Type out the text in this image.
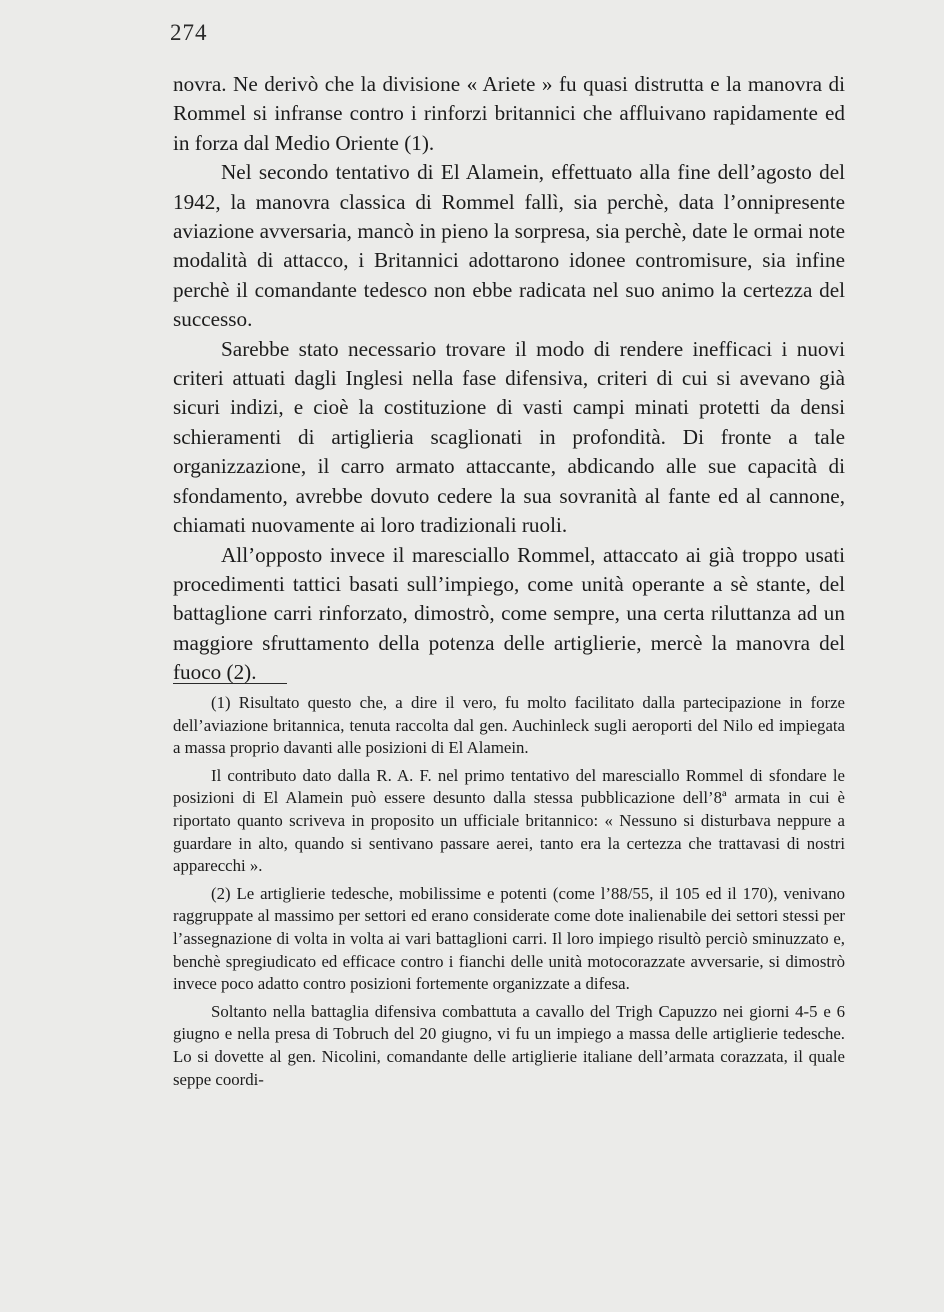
274

novra. Ne derivò che la divisione « Ariete » fu quasi distrutta e la manovra di Rommel si infranse contro i rinforzi britannici che affluivano rapidamente ed in forza dal Medio Oriente (1).

Nel secondo tentativo di El Alamein, effettuato alla fine dell’agosto del 1942, la manovra classica di Rommel fallì, sia perchè, data l’onnipresente aviazione avversaria, mancò in pieno la sorpresa, sia perchè, date le ormai note modalità di attacco, i Britannici adottarono idonee contromisure, sia infine perchè il comandante tedesco non ebbe radicata nel suo animo la certezza del successo.

Sarebbe stato necessario trovare il modo di rendere inefficaci i nuovi criteri attuati dagli Inglesi nella fase difensiva, criteri di cui si avevano già sicuri indizi, e cioè la costituzione di vasti campi minati protetti da densi schieramenti di artiglieria scaglionati in profondità. Di fronte a tale organizzazione, il carro armato attaccante, abdicando alle sue capacità di sfondamento, avrebbe dovuto cedere la sua sovranità al fante ed al cannone, chiamati nuovamente ai loro tradizionali ruoli.

All’opposto invece il maresciallo Rommel, attaccato ai già troppo usati procedimenti tattici basati sull’impiego, come unità operante a sè stante, del battaglione carri rinforzato, dimostrò, come sempre, una certa riluttanza ad un maggiore sfruttamento della potenza delle artiglierie, mercè la manovra del fuoco (2).

(1) Risultato questo che, a dire il vero, fu molto facilitato dalla partecipazione in forze dell’aviazione britannica, tenuta raccolta dal gen. Auchinleck sugli aeroporti del Nilo ed impiegata a massa proprio davanti alle posizioni di El Alamein.

Il contributo dato dalla R. A. F. nel primo tentativo del maresciallo Rommel di sfondare le posizioni di El Alamein può essere desunto dalla stessa pubblicazione dell’8ª armata in cui è riportato quanto scriveva in proposito un ufficiale britannico: « Nessuno si disturbava neppure a guardare in alto, quando si sentivano passare aerei, tanto era la certezza che trattavasi di nostri apparecchi ».

(2) Le artiglierie tedesche, mobilissime e potenti (come l’88/55, il 105 ed il 170), venivano raggruppate al massimo per settori ed erano considerate come dote inalienabile dei settori stessi per l’assegnazione di volta in volta ai vari battaglioni carri. Il loro impiego risultò perciò sminuzzato e, benchè spregiudicato ed efficace contro i fianchi delle unità motocorazzate avversarie, si dimostrò invece poco adatto contro posizioni fortemente organizzate a difesa.

Soltanto nella battaglia difensiva combattuta a cavallo del Trigh Capuzzo nei giorni 4-5 e 6 giugno e nella presa di Tobruch del 20 giugno, vi fu un impiego a massa delle artiglierie tedesche. Lo si dovette al gen. Nicolini, comandante delle artiglierie italiane dell’armata corazzata, il quale seppe coordi-
